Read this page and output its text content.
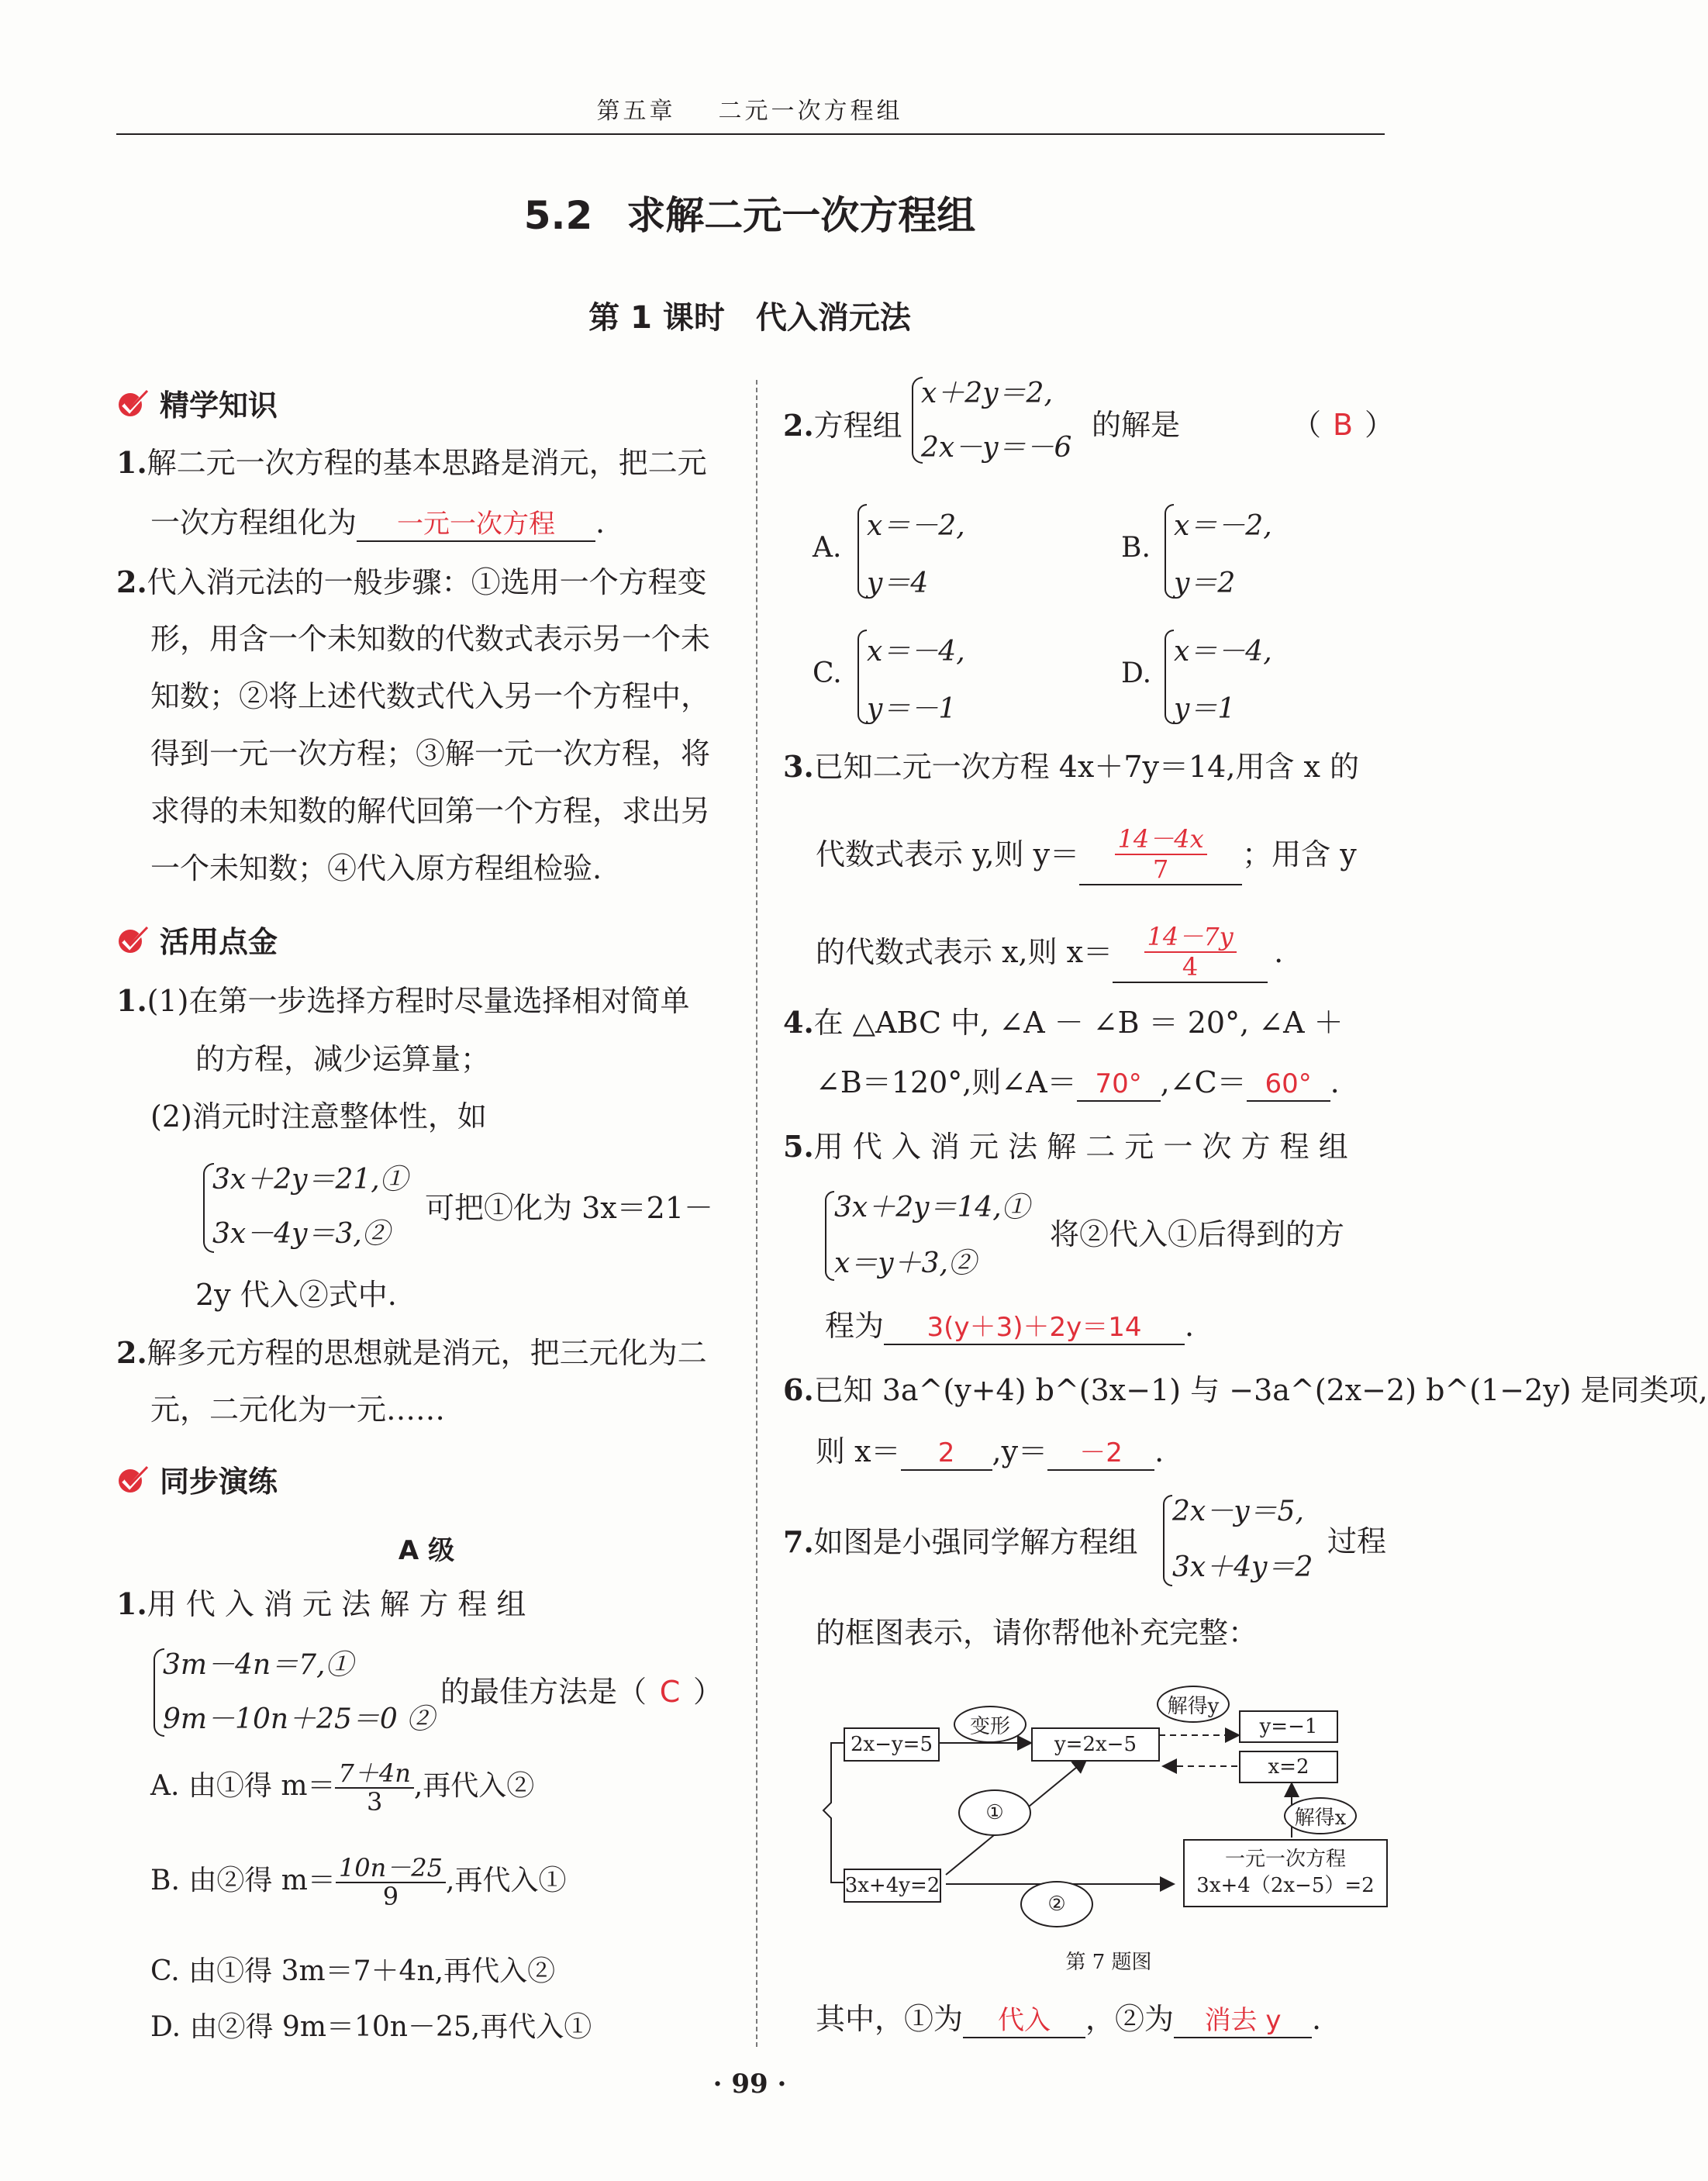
第五章 二元一次方程组
5.2 求解二元一次方程组
第 1 课时 代入消元法
精学知识
1.解二元一次方程的基本思路是消元，把二元
一次方程组化为 一元一次方程 .
2.代入消元法的一般步骤：①选用一个方程变
形，用含一个未知数的代数式表示另一个未
知数；②将上述代数式代入另一个方程中，
得到一元一次方程；③解一元一次方程，将
求得的未知数的解代回第一个方程，求出另
一个未知数；④代入原方程组检验.
活用点金
1.(1)在第一步选择方程时尽量选择相对简单
的方程，减少运算量；
(2)消元时注意整体性，如
3x＋2y＝21,①
3x－4y＝3,②
可把①化为 3x＝21－
2y 代入②式中.
2.解多元方程的思想就是消元，把三元化为二
元，二元化为一元……
同步演练
A 级
1.用 代 入 消 元 法 解 方 程 组
3m－4n＝7,①
9m－10n＋25＝0 ②
的最佳方法是（ C ）
A. 由①得 $m= \frac{7+4n}{3}$ ,再代入②
B. 由②得 $m= \frac{10n-25}{9}$ ,再代入①
C. 由①得 3m＝7＋4n,再代入②
D. 由②得 9m＝10n－25,再代入①
2.方程组
x＋2y＝2,
2x－y＝－6
的解是	（ B ）
A.
x＝－2,
y＝4
B.
x＝－2,
y＝2
C.
x＝－4,
y＝－1
D.
x＝－4,
y＝1
3.已知二元一次方程 4x＋7y＝14,用含 x 的
代数式表示 y,则 y＝ 14－4x
7 ；用含 y
的代数式表示 x,则 x＝ 14－7y
4	.
4.在 △ABC 中, ∠A － ∠B ＝ 20°, ∠A ＋
∠B＝120°,则∠A＝ 70° ,∠C＝ 60° .
5.用 代 入 消 元 法 解 二 元 一 次 方 程 组
3x＋2y＝14,①
x＝y＋3,②
将②代入①后得到的方
程为 3(y＋3)＋2y＝14 .
6.已知 3a^(y+4) b^(3x−1) 与 −3a^(2x−2) b^(1−2y) 是同类项,
则 x＝ 2 ,y＝ －2 .
7.如图是小强同学解方程组
2x－y＝5,
3x＋4y＝2
过程
的框图表示，请你帮他补充完整：
2x−y=5	y=2x−5
y=−1
x=2
3x+4y=2
一元一次方程
3x+4（2x−5）=2
变形
解得y
①
②
解得x
第 7 题图
其中，①为 代入 ，②为 消去 y .
· 99 ·
